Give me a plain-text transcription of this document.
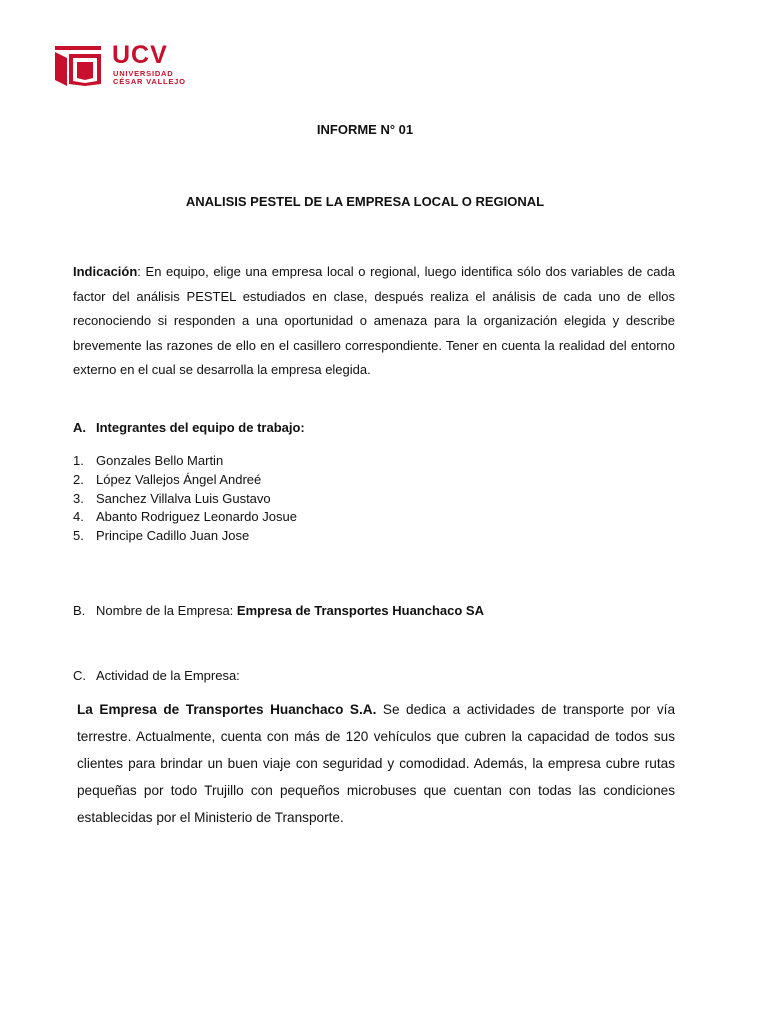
UCV
UNIVERSIDAD
CÉSAR VALLEJO
INFORME N° 01
ANALISIS PESTEL DE LA EMPRESA LOCAL O REGIONAL
Indicación: En equipo, elige una empresa local o regional, luego identifica sólo dos variables de cada factor del análisis PESTEL estudiados en clase, después realiza el análisis de cada uno de ellos reconociendo si responden a una oportunidad o amenaza para la organización elegida y describe brevemente las razones de ello en el casillero correspondiente. Tener en cuenta la realidad del entorno externo en el cual se desarrolla la empresa elegida.
A. Integrantes del equipo de trabajo:
1. Gonzales Bello Martin
2. López Vallejos Ángel Andreé
3. Sanchez Villalva Luis Gustavo
4. Abanto Rodriguez Leonardo Josue
5. Principe Cadillo Juan Jose
B. Nombre de la Empresa: Empresa de Transportes Huanchaco SA
C. Actividad de la Empresa:
La Empresa de Transportes Huanchaco S.A. Se dedica a actividades de transporte por vía terrestre. Actualmente, cuenta con más de 120 vehículos que cubren la capacidad de todos sus clientes para brindar un buen viaje con seguridad y comodidad. Además, la empresa cubre rutas pequeñas por todo Trujillo con pequeños microbuses que cuentan con todas las condiciones establecidas por el Ministerio de Transporte.
